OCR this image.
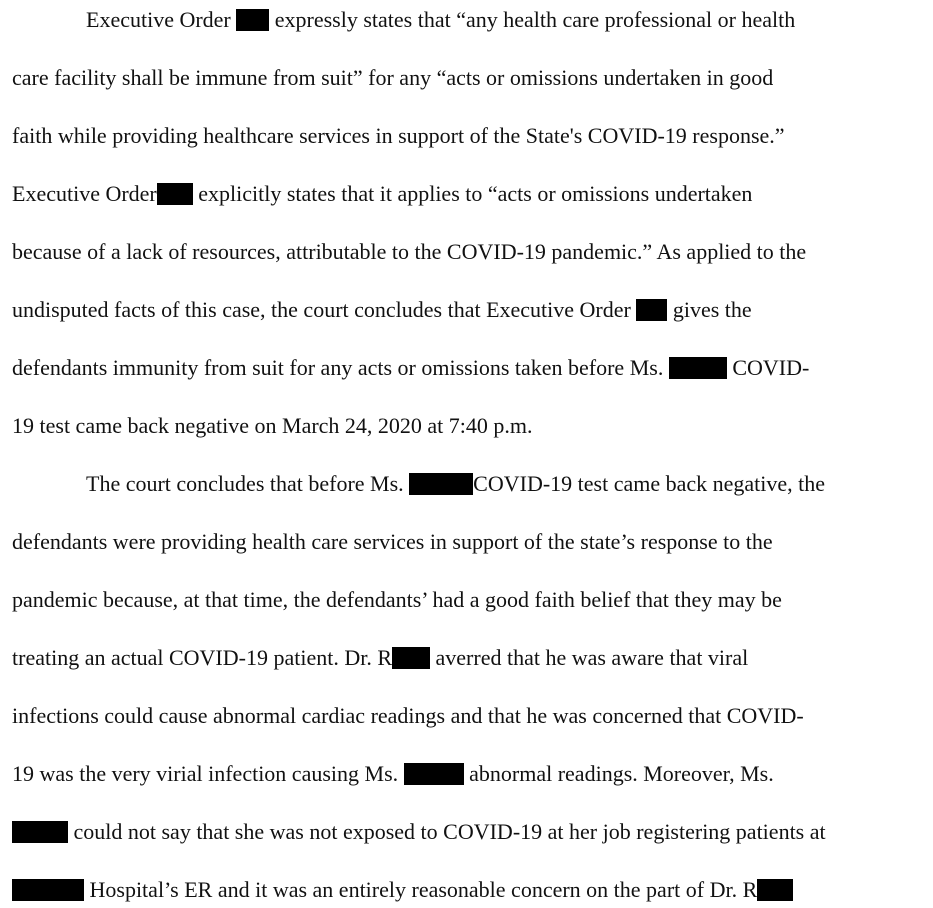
Executive Order  expressly states that “any health care professional or health
care facility shall be immune from suit” for any “acts or omissions undertaken in good
faith while providing healthcare services in support of the State's COVID-19 response.”
Executive Order explicitly states that it applies to “acts or omissions undertaken
because of a lack of resources, attributable to the COVID-19 pandemic.” As applied to the
undisputed facts of this case, the court concludes that Executive Order  gives the
defendants immunity from suit for any acts or omissions taken before Ms.	COVID-
19 test came back negative on March 24, 2020 at 7:40 p.m.
The court concludes that before Ms.	COVID-19 test came back negative, the
defendants were providing health care services in support of the state’s response to the
pandemic because, at that time, the defendants’ had a good faith belief that they may be
treating an actual COVID-19 patient. Dr. R averred that he was aware that viral
infections could cause abnormal cardiac readings and that he was concerned that COVID-
19 was the very virial infection causing Ms.	abnormal readings. Moreover, Ms.
could not say that she was not exposed to COVID-19 at her job registering patients at
Hospital’s ER and it was an entirely reasonable concern on the part of Dr. R
